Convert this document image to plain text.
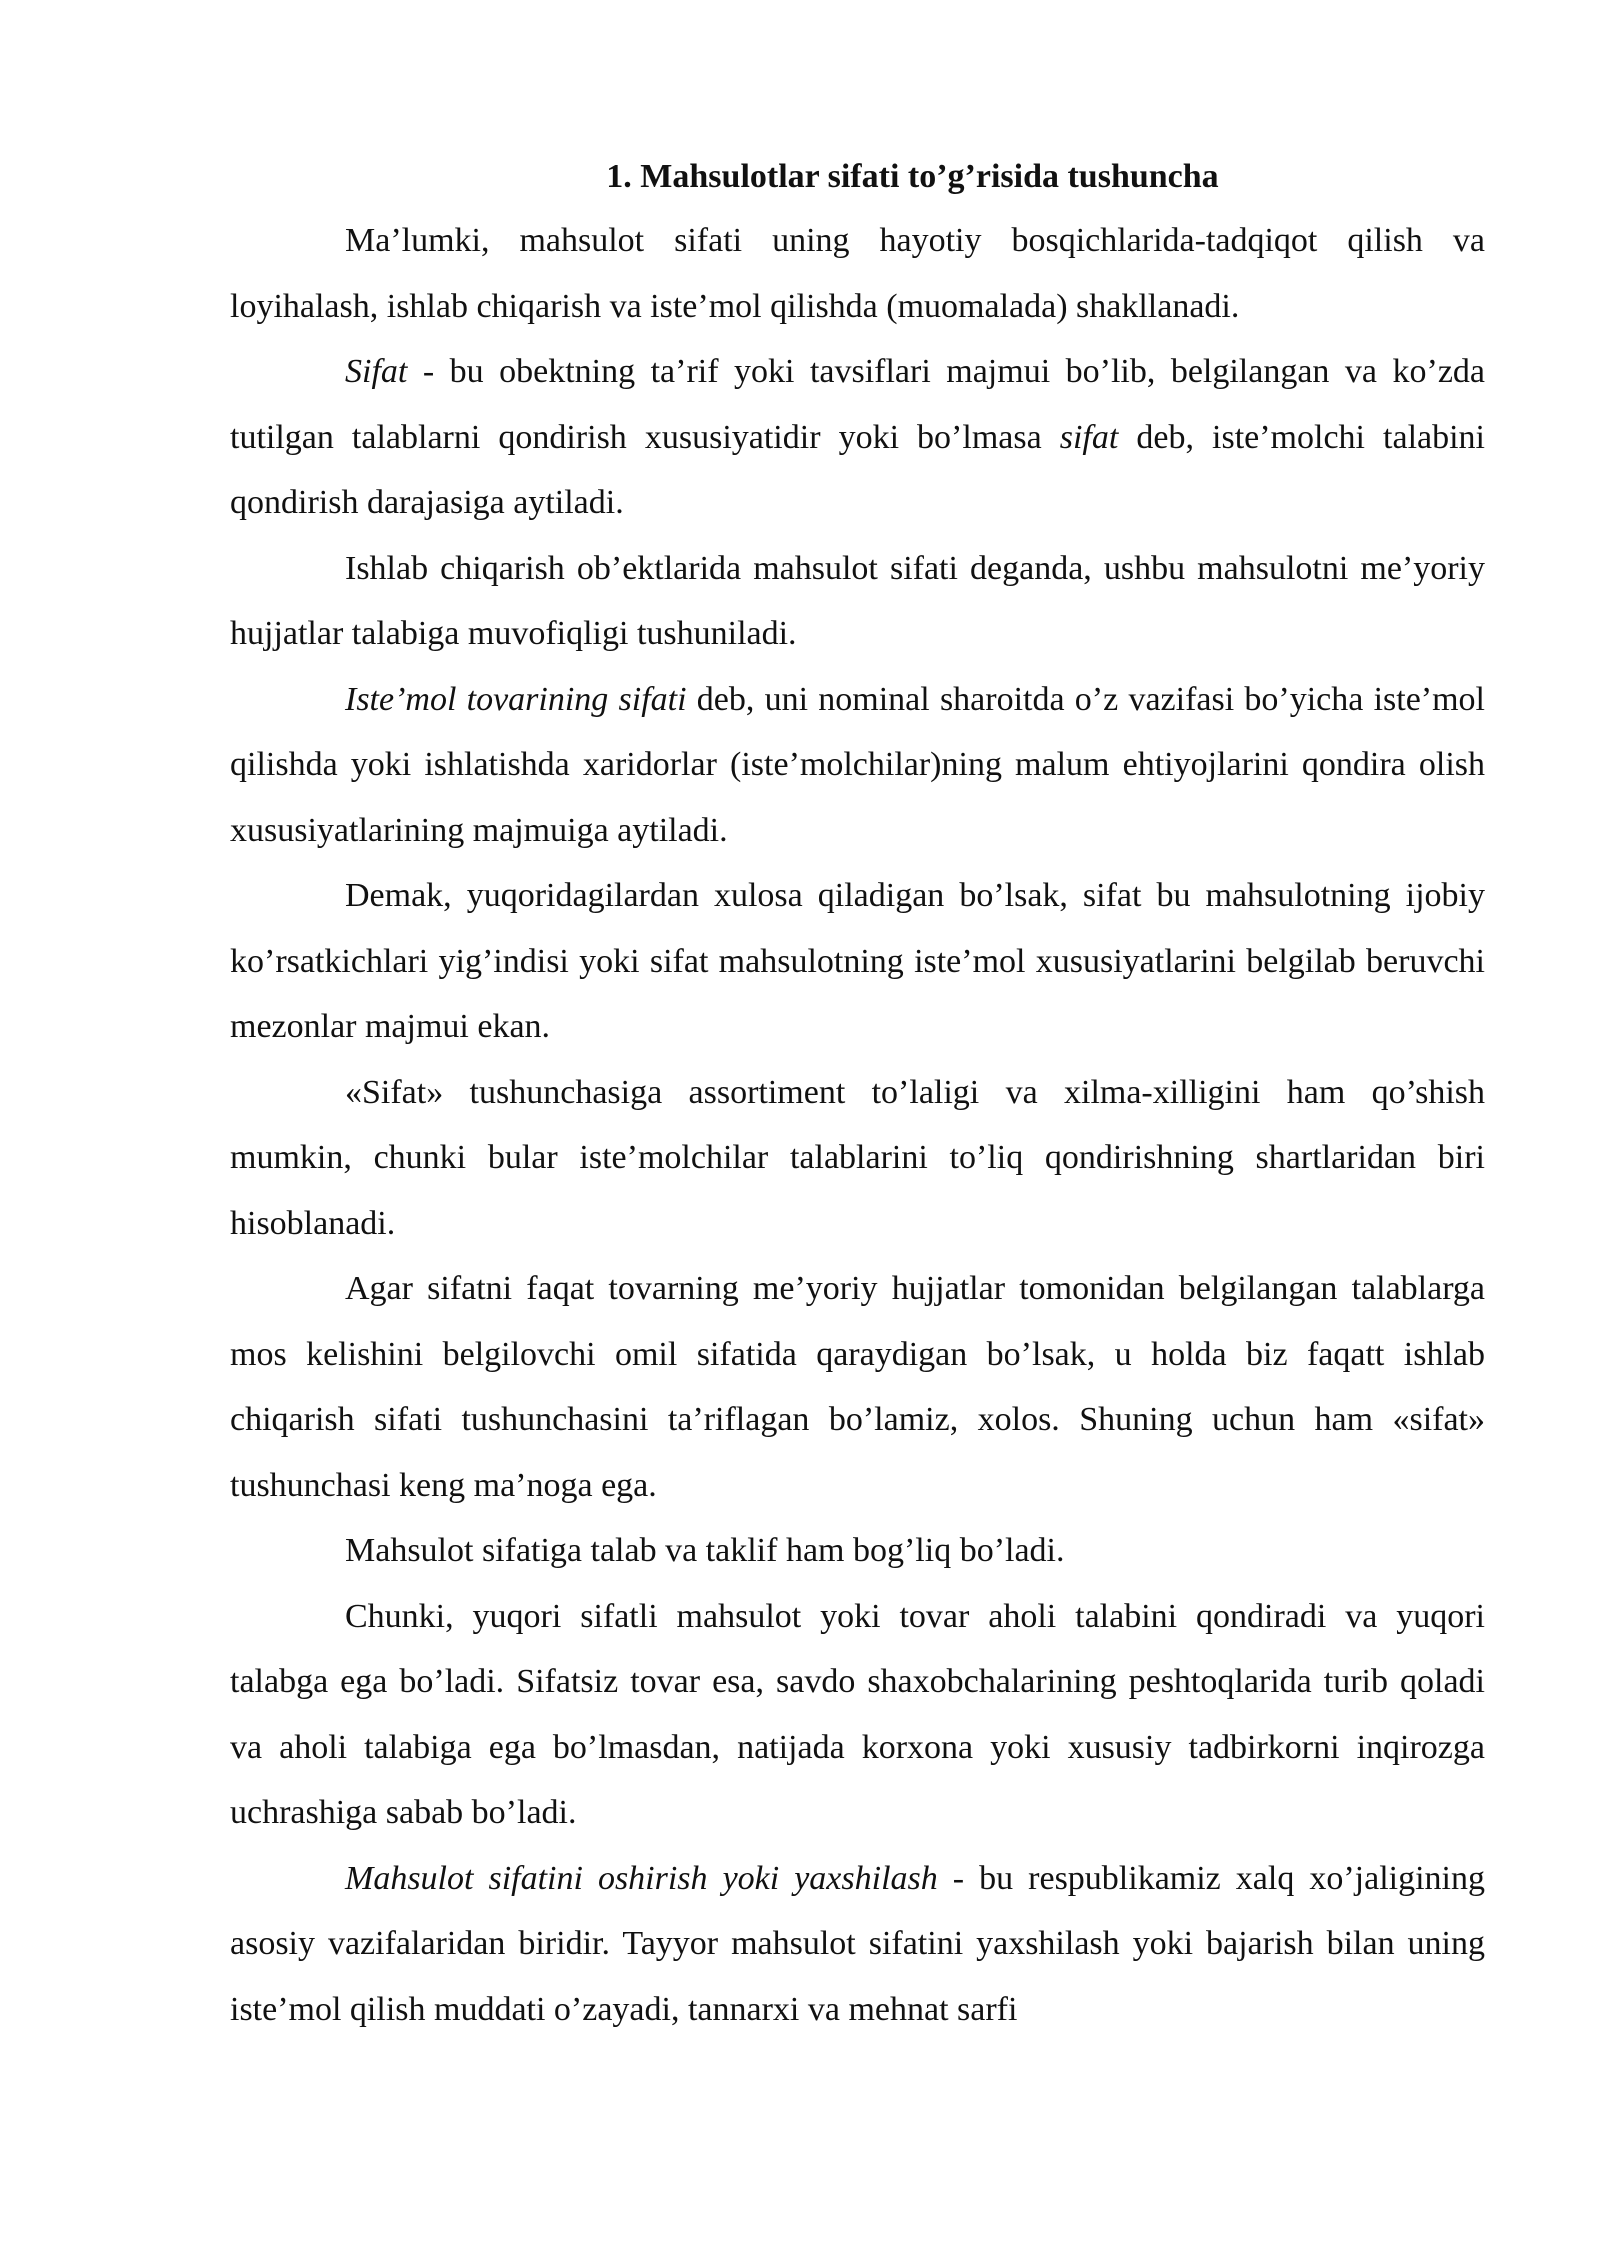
1. Mahsulotlar sifati to’g’risida tushuncha

Ma’lumki, mahsulot sifati uning hayotiy bosqichlarida-tadqiqot qilish va loyihalash, ishlab chiqarish va iste’mol qilishda (muomalada) shakllanadi.

Sifat - bu obektning ta’rif yoki tavsiflari majmui bo’lib, belgilangan va ko’zda tutilgan talablarni qondirish xususiyatidir yoki bo’lmasa sifat deb, iste’molchi talabini qondirish darajasiga aytiladi.

Ishlab chiqarish ob’ektlarida mahsulot sifati deganda, ushbu mahsulotni me’yoriy hujjatlar talabiga muvofiqligi tushuniladi.

Iste’mol tovarining sifati deb, uni nominal sharoitda o’z vazifasi bo’yicha iste’mol qilishda yoki ishlatishda xaridorlar (iste’molchilar)ning malum ehtiyojlarini qondira olish xususiyatlarining majmuiga aytiladi.

Demak, yuqoridagilardan xulosa qiladigan bo’lsak, sifat bu mahsulotning ijobiy ko’rsatkichlari yig’indisi yoki sifat mahsulotning iste’mol xususiyatlarini belgilab beruvchi mezonlar majmui ekan.

«Sifat» tushunchasiga assortiment to’laligi va xilma-xilligini ham qo’shish mumkin, chunki bular iste’molchilar talablarini to’liq qondirishning shartlaridan biri hisoblanadi.

Agar sifatni faqat tovarning me’yoriy hujjatlar tomonidan belgilangan talablarga mos kelishini belgilovchi omil sifatida qaraydigan bo’lsak, u holda biz faqatt ishlab chiqarish sifati tushunchasini ta’riflagan bo’lamiz, xolos. Shuning uchun ham «sifat» tushunchasi keng ma’noga ega.

Mahsulot sifatiga talab va taklif ham bog’liq bo’ladi.

Chunki, yuqori sifatli mahsulot yoki tovar aholi talabini qondiradi va yuqori talabga ega bo’ladi. Sifatsiz tovar esa, savdo shaxobchalarining peshtoqlarida turib qoladi va aholi talabiga ega bo’lmasdan, natijada korxona yoki xususiy tadbirkorni inqirozga uchrashiga sabab bo’ladi.

Mahsulot sifatini oshirish yoki yaxshilash - bu respublikamiz xalq xo’jaligining asosiy vazifalaridan biridir. Tayyor mahsulot sifatini yaxshilash yoki bajarish bilan uning iste’mol qilish muddati o’zayadi, tannarxi va mehnat sarfi
